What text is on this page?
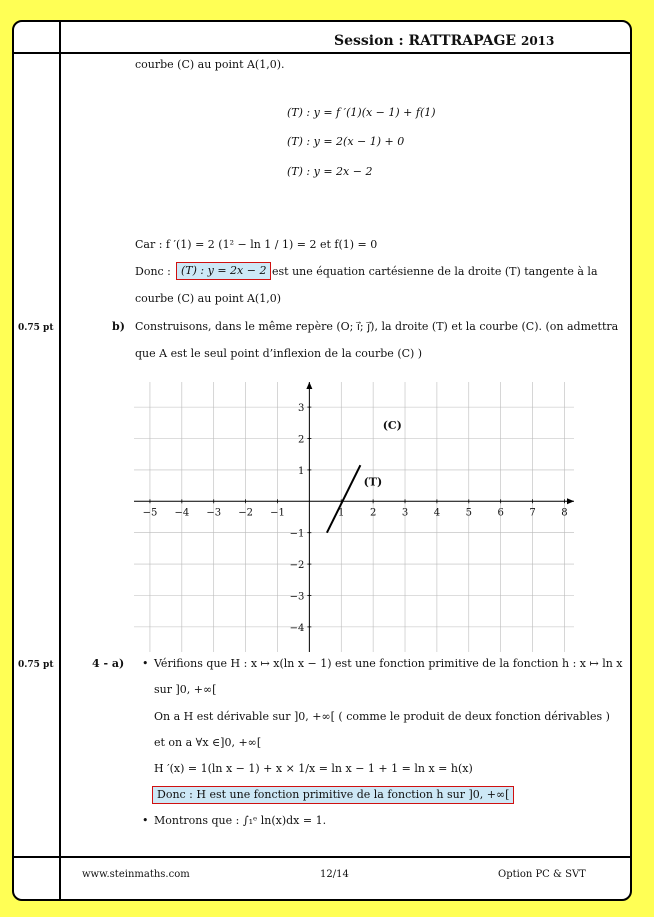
Session : RATTRAPAGE 2013
courbe (C) au point A(1,0).
(T) : y = f ′(1)(x − 1) + f(1)
(T) : y = 2(x − 1) + 0
(T) : y = 2x − 2
Car : f ′(1) = 2 (1² − ln 1 / 1) = 2 et f(1) = 0
Donc : (T) : y = 2x − 2 est une équation cartésienne de la droite (T) tangente à la
courbe (C) au point A(1,0)
0.75 pt	b) Construisons, dans le même repère (O; i⃗; j⃗), la droite (T) et la courbe (C). (on admettra
que A est le seul point d’inflexion de la courbe (C) )
−5 −4 −3 −2 −1	1	2	3	4	5	6	7	8
3
2
1
−1
−2
−3
−4
(C)
(T)
0.75 pt	4 - a) • Vérifions que H : x ↦ x(ln x − 1) est une fonction primitive de la fonction h : x ↦ ln x
sur ]0, +∞[
On a H est dérivable sur ]0, +∞[ ( comme le produit de deux fonction dérivables )
et on a ∀x ∈]0, +∞[
H ′(x) = 1(ln x − 1) + x × 1/x = ln x − 1 + 1 = ln x = h(x)
Donc : H est une fonction primitive de la fonction h sur ]0, +∞[
• Montrons que : ∫₁ᵉ ln(x)dx = 1.
www.steinmaths.com	12/14	Option PC & SVT
